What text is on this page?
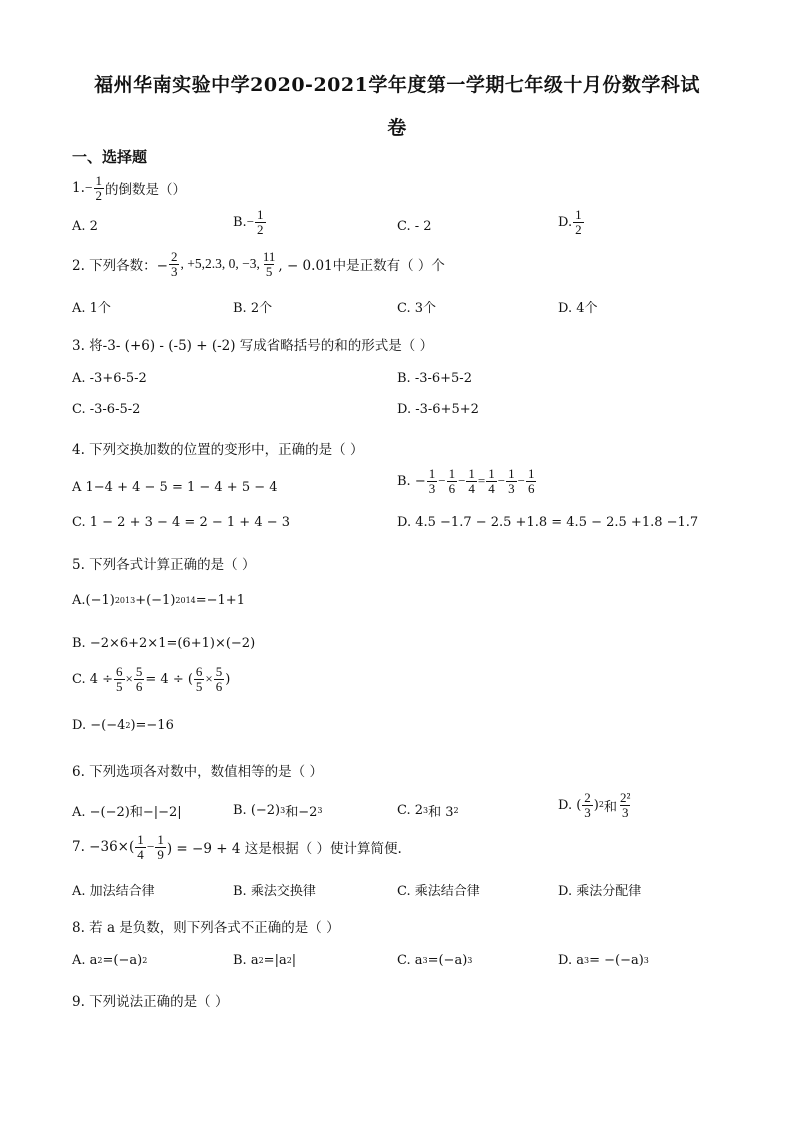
福州华南实验中学2020-2021学年度第一学期七年级十月份数学科试
卷
一、选择题
1. − $\frac{1}{2}$ 的倒数是（）
A. 2	B. − $\frac{1}{2}$	C. - 2	D. $\frac{1}{2}$
2. 下列各数：− $\frac{2}{3}$ , +5,2.3, 0, −3, $\frac{11}{5}$ , − 0.01中是正数有（ ）个
A. 1个	B. 2个	C. 3个	D. 4个
3. 将-3- (+6) - (-5) + (-2) 写成省略括号的和的形式是（ ）
A. -3+6-5-2	B. -3-6+5-2
C. -3-6-5-2	D. -3-6+5+2
4. 下列交换加数的位置的变形中，正确的是（ ）
A 1−4 + 4 − 5 = 1 − 4 + 5 − 4	B. − $\frac{1}{3} - \frac{1}{6} - \frac{1}{4} = \frac{1}{4} - \frac{1}{3} - \frac{1}{6}$
C. 1 − 2 + 3 − 4 = 2 − 1 + 4 − 3	D. 4.5 −1.7 − 2.5 +1.8 = 4.5 − 2.5 +1.8 −1.7
5. 下列各式计算正确的是（ ）
A.(−1) 2013 +(−1) 2014 =−1+1
B. −2×6+2×1=(6+1)×(−2)
C. $4 \div \frac{6}{5} \times \frac{5}{6} = 4$ ÷ ( $\frac{6}{5} \times \frac{5}{6}$ )
D. −(−4 2 )=−16
6. 下列选项各对数中，数值相等的是（ ）
A. −(−2)和−|−2|	B. (−2) 3 和−2 3	C. 2 3 和 3 2	D. ( $\frac{2}{3}$ ) 2 和 $\frac{\text{2²}}{3}$
7. $-36\times( \frac{1}{4} - \frac{1}{9}$ ) = −9 + 4 这是根据（ ）使计算简便.
A. 加法结合律	B. 乘法交换律	C. 乘法结合律	D. 乘法分配律
8. 若 a 是负数，则下列各式不正确的是（ ）
A. a 2 =(−a) 2	B. a 2 =|a 2 |	C. a 3 =(−a) 3	D. a 3 = −(−a) 3
9. 下列说法正确的是（ ）
